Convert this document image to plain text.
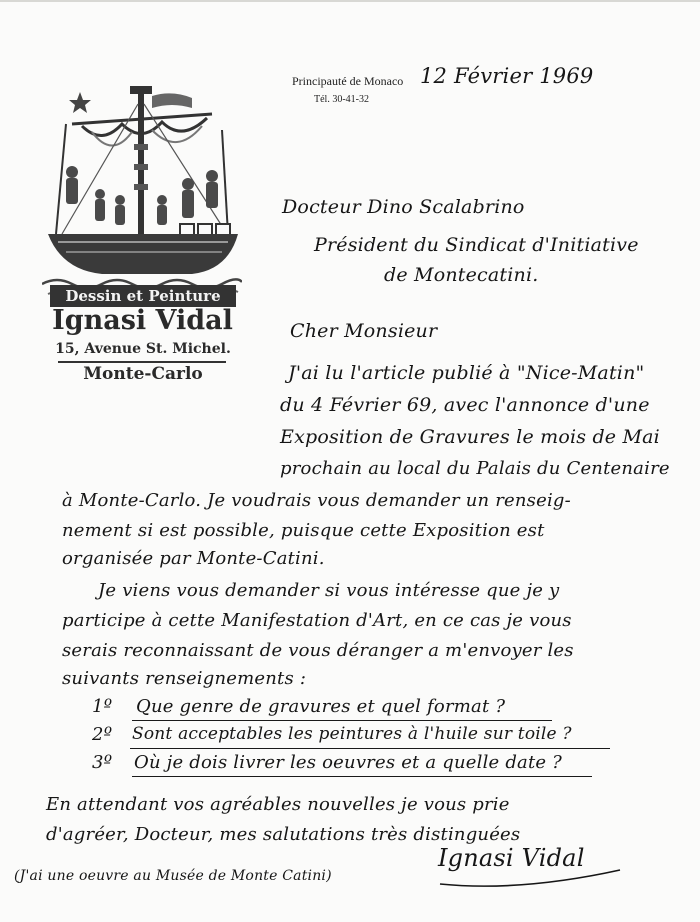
Dessin et Peinture
Ignasi Vidal
15, Avenue St. Michel.
Monte-Carlo
Principauté de Monaco
Tél. 30-41-32
12 Février 1969
Docteur Dino Scalabrino
Président du Sindicat d'Initiative
de Montecatini.
Cher Monsieur
J'ai lu l'article publié à "Nice-Matin"
du 4 Février 69, avec l'annonce d'une
Exposition de Gravures le mois de Mai
prochain au local du Palais du Centenaire
à Monte-Carlo. Je voudrais vous demander un renseig-
nement si est possible, puisque cette Exposition est
organisée par Monte-Catini.
Je viens vous demander si vous intéresse que je y
participe à cette Manifestation d'Art, en ce cas je vous
serais reconnaissant de vous déranger a m'envoyer les
suivants renseignements :
1º Que genre de gravures et quel format ?
2º Sont acceptables les peintures à l'huile sur toile ?
3º Où je dois livrer les oeuvres et a quelle date ?
En attendant vos agréables nouvelles je vous prie
d'agréer, Docteur, mes salutations très distinguées
Ignasi Vidal
(J'ai une oeuvre au Musée de Monte Catini)
